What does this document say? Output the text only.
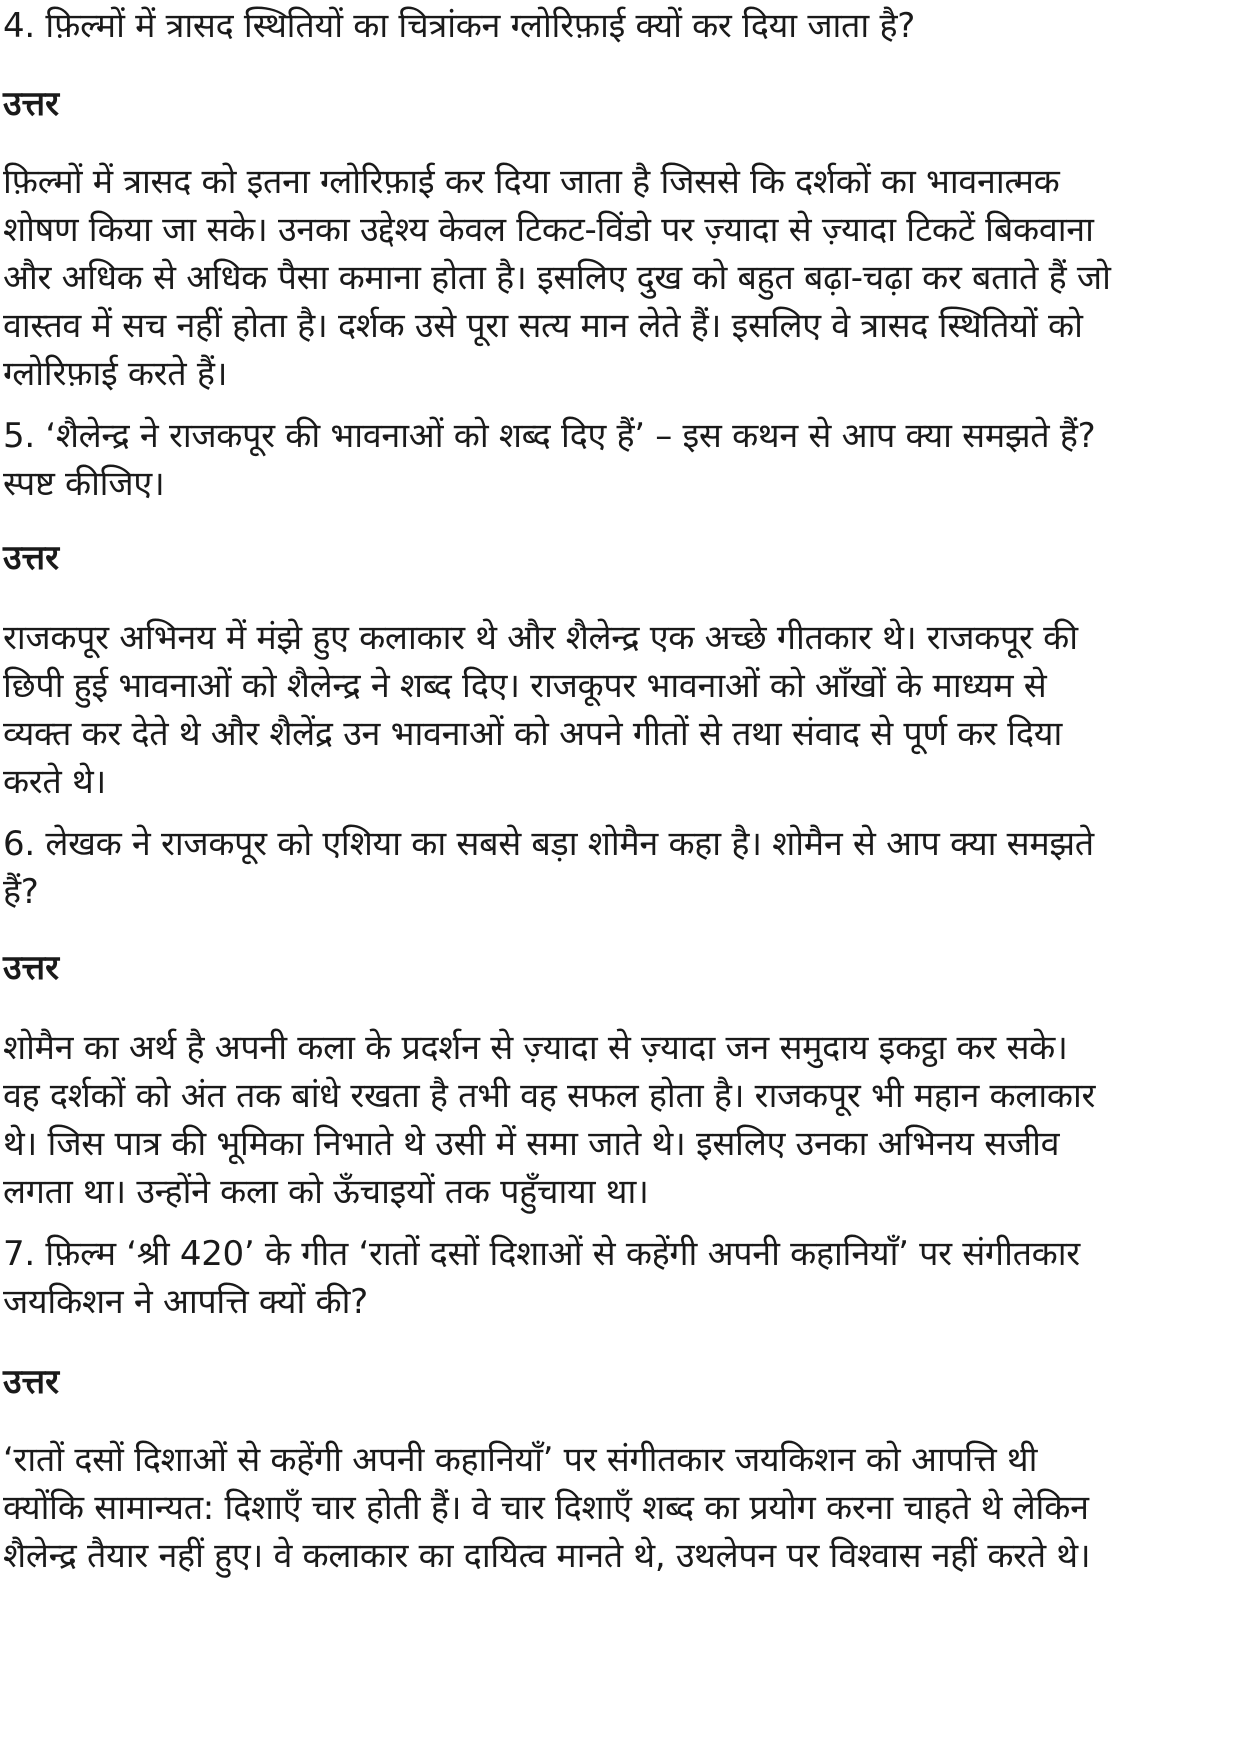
4. फ़िल्मों में त्रासद स्थितियों का चित्रांकन ग्लोरिफ़ाई क्यों कर दिया जाता है?

उत्तर

फ़िल्मों में त्रासद को इतना ग्लोरिफ़ाई कर दिया जाता है जिससे कि दर्शकों का भावनात्मक
शोषण किया जा सके। उनका उद्देश्य केवल टिकट-विंडो पर ज़्यादा से ज़्यादा टिकटें बिकवाना
और अधिक से अधिक पैसा कमाना होता है। इसलिए दुख को बहुत बढ़ा-चढ़ा कर बताते हैं जो
वास्तव में सच नहीं होता है। दर्शक उसे पूरा सत्य मान लेते हैं। इसलिए वे त्रासद स्थितियों को
ग्लोरिफ़ाई करते हैं।

5. ‘शैलेन्द्र ने राजकपूर की भावनाओं को शब्द दिए हैं’ – इस कथन से आप क्या समझते हैं?
स्पष्ट कीजिए।

उत्तर

राजकपूर अभिनय में मंझे हुए कलाकार थे और शैलेन्द्र एक अच्छे गीतकार थे। राजकपूर की
छिपी हुई भावनाओं को शैलेन्द्र ने शब्द दिए। राजकूपर भावनाओं को आँखों के माध्यम से
व्यक्त कर देते थे और शैलेंद्र उन भावनाओं को अपने गीतों से तथा संवाद से पूर्ण कर दिया
करते थे।

6. लेखक ने राजकपूर को एशिया का सबसे बड़ा शोमैन कहा है। शोमैन से आप क्या समझते
हैं?

उत्तर

शोमैन का अर्थ है अपनी कला के प्रदर्शन से ज़्यादा से ज़्यादा जन समुदाय इकट्ठा कर सके।
वह दर्शकों को अंत तक बांधे रखता है तभी वह सफल होता है। राजकपूर भी महान कलाकार
थे। जिस पात्र की भूमिका निभाते थे उसी में समा जाते थे। इसलिए उनका अभिनय सजीव
लगता था। उन्होंने कला को ऊँचाइयों तक पहुँचाया था।

7. फ़िल्म ‘श्री 420’ के गीत ‘रातों दसों दिशाओं से कहेंगी अपनी कहानियाँ’ पर संगीतकार
जयकिशन ने आपत्ति क्यों की?

उत्तर

‘रातों दसों दिशाओं से कहेंगी अपनी कहानियाँ’ पर संगीतकार जयकिशन को आपत्ति थी
क्योंकि सामान्यत: दिशाएँ चार होती हैं। वे चार दिशाएँ शब्द का प्रयोग करना चाहते थे लेकिन
शैलेन्द्र तैयार नहीं हुए। वे कलाकार का दायित्व मानते थे, उथलेपन पर विश्वास नहीं करते थे।
